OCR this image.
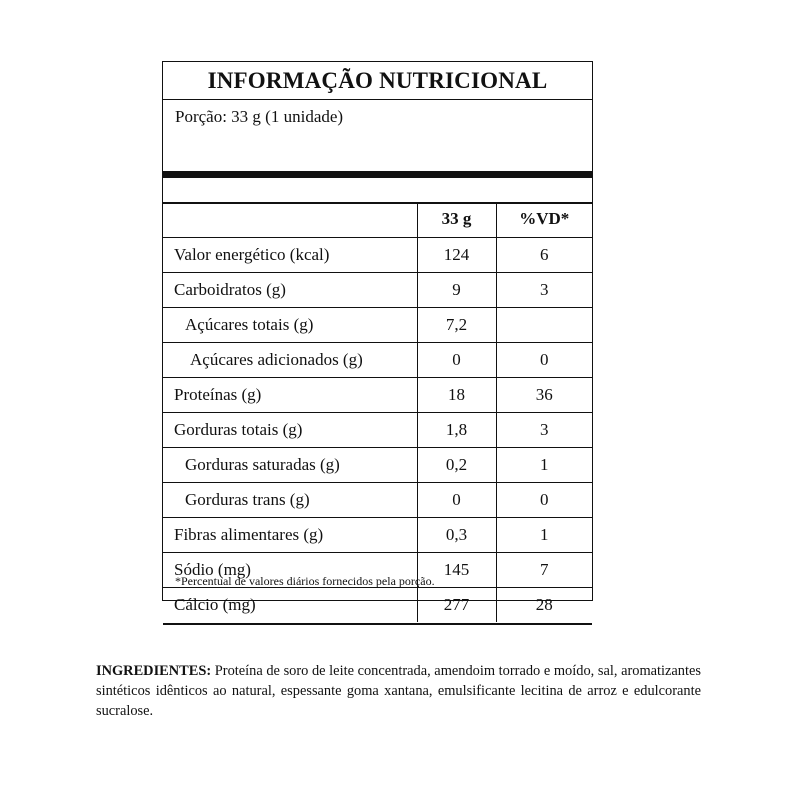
INFORMAÇÃO NUTRICIONAL
Porção: 33 g (1 unidade)
	33 g	%VD*
Valor energético (kcal)	124	6
Carboidratos (g)	9	3
Açúcares totais (g)	7,2	
Açúcares adicionados (g)	0	0
Proteínas (g)	18	36
Gorduras totais (g)	1,8	3
Gorduras saturadas (g)	0,2	1
Gorduras trans (g)	0	0
Fibras alimentares (g)	0,3	1
Sódio (mg)	145	7
Cálcio (mg)	277	28
*Percentual de valores diários fornecidos pela porção.
INGREDIENTES: Proteína de soro de leite concentrada, amendoim torrado e moído, sal, aromatizantes sintéticos idênticos ao natural, espessante goma xantana, emulsificante lecitina de arroz e edulcorante sucralose.
